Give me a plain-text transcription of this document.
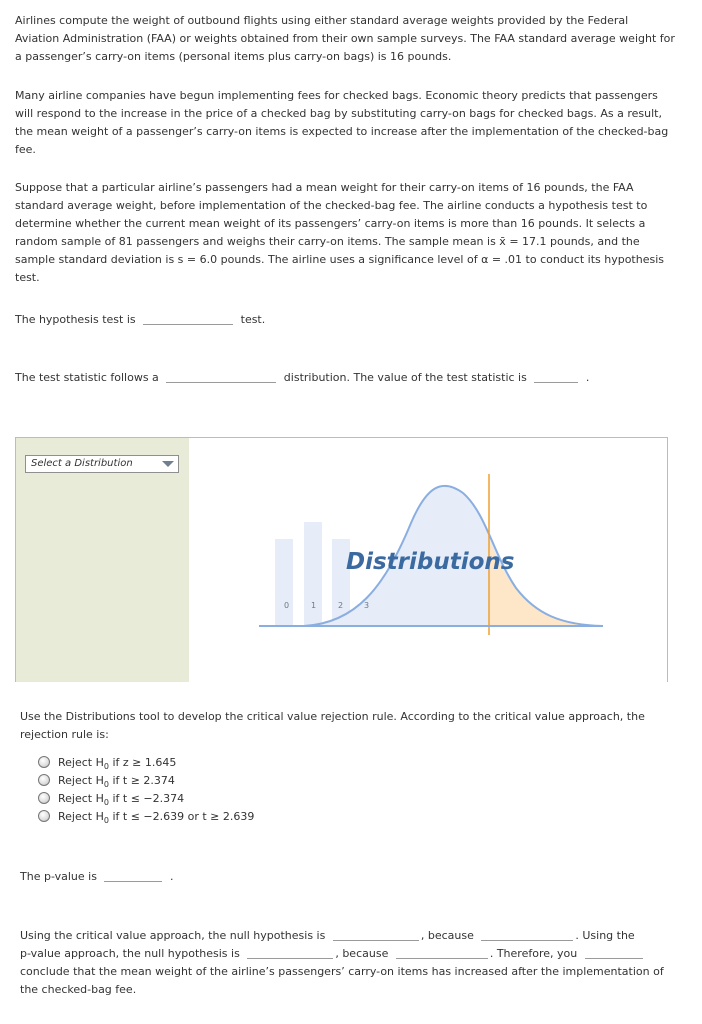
Airlines compute the weight of outbound flights using either standard average weights provided by the Federal Aviation Administration (FAA) or weights obtained from their own sample surveys. The FAA standard average weight for a passenger’s carry-on items (personal items plus carry-on bags) is 16 pounds.

Many airline companies have begun implementing fees for checked bags. Economic theory predicts that passengers will respond to the increase in the price of a checked bag by substituting carry-on bags for checked bags. As a result, the mean weight of a passenger’s carry-on items is expected to increase after the implementation of the checked-bag fee.

Suppose that a particular airline’s passengers had a mean weight for their carry-on items of 16 pounds, the FAA standard average weight, before implementation of the checked-bag fee. The airline conducts a hypothesis test to determine whether the current mean weight of its passengers’ carry-on items is more than 16 pounds. It selects a random sample of 81 passengers and weighs their carry-on items. The sample mean is x̄ = 17.1 pounds, and the sample standard deviation is s = 6.0 pounds. The airline uses a significance level of α = .01 to conduct its hypothesis test.

The hypothesis test is	test.
The test statistic follows a	distribution. The value of the test statistic is	.
Select a Distribution
0	1	2	3
Distributions

Use the Distributions tool to develop the critical value rejection rule. According to the critical value approach, the rejection rule is:

Reject $H_0$ if z ≥ 1.645
Reject $H_0$ if t ≥ 2.374
Reject $H_0$ if t ≤ −2.374
Reject $H_0$ if t ≤ −2.639 or t ≥ 2.639
The p-value is	.
Using the critical value approach, the null hypothesis is	, because	. Using the
p-value approach, the null hypothesis is	, because	. Therefore, you
conclude that the mean weight of the airline’s passengers’ carry-on items has increased after the implementation of
the checked-bag fee.
